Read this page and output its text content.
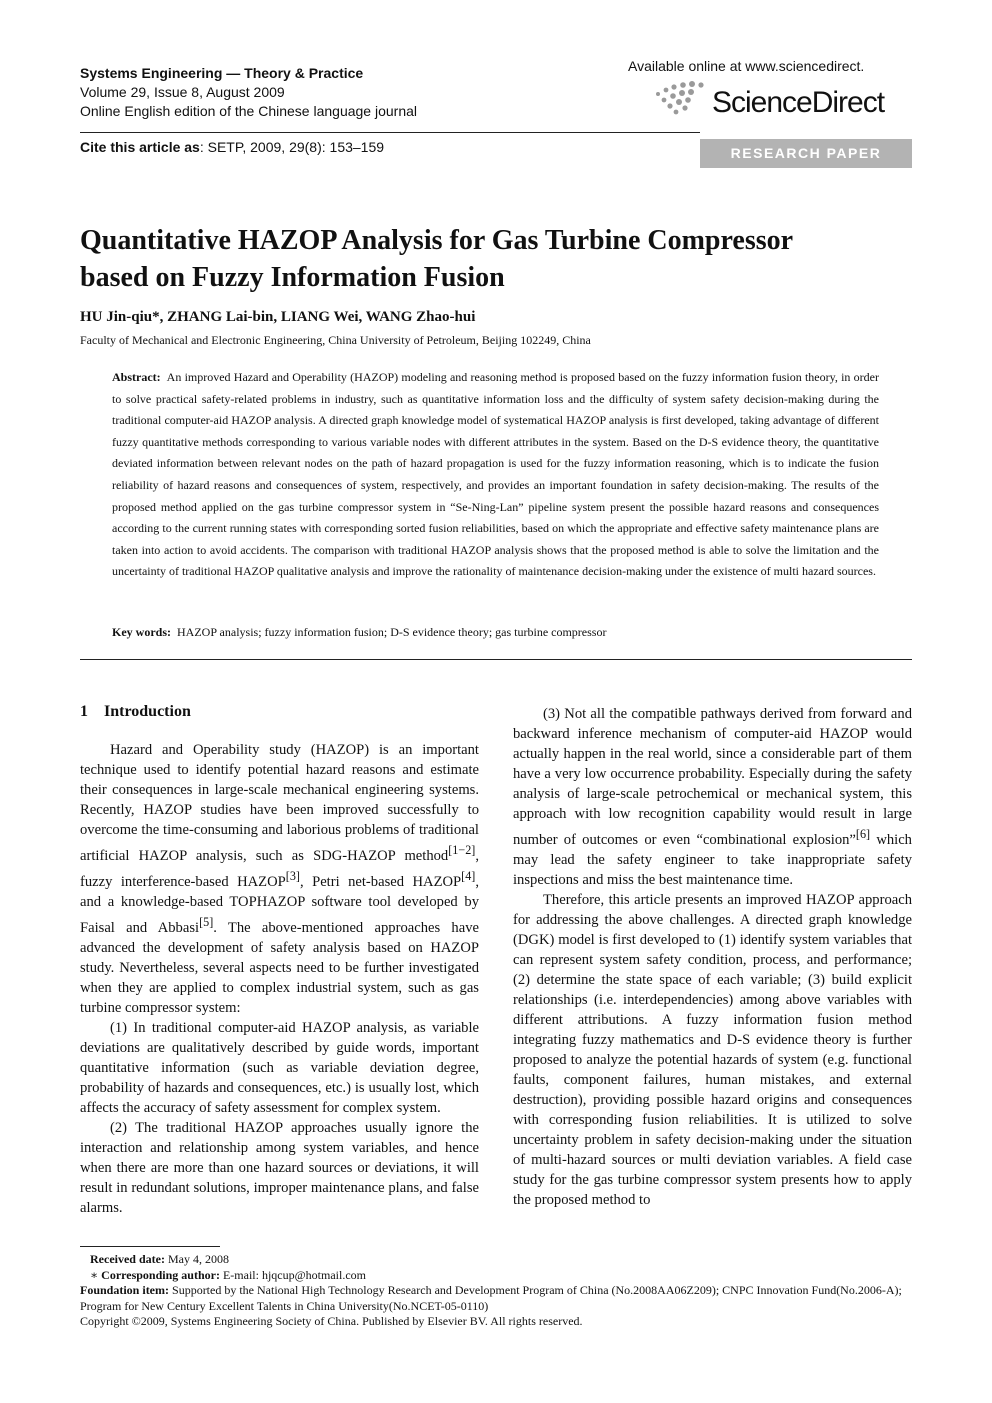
Systems Engineering — Theory & Practice
Volume 29, Issue 8, August 2009
Online English edition of the Chinese language journal
Cite this article as: SETP, 2009, 29(8): 153–159
Available online at www.sciencedirect.
ScienceDirect
RESEARCH PAPER
Quantitative HAZOP Analysis for Gas Turbine Compressor
based on Fuzzy Information Fusion
HU Jin-qiu*, ZHANG Lai-bin, LIANG Wei, WANG Zhao-hui
Faculty of Mechanical and Electronic Engineering, China University of Petroleum, Beijing 102249, China
Abstract: An improved Hazard and Operability (HAZOP) modeling and reasoning method is proposed based on the fuzzy information fusion theory, in order to solve practical safety-related problems in industry, such as quantitative information loss and the difficulty of system safety decision-making during the traditional computer-aid HAZOP analysis. A directed graph knowledge model of systematical HAZOP analysis is first developed, taking advantage of different fuzzy quantitative methods corresponding to various variable nodes with different attributes in the system. Based on the D-S evidence theory, the quantitative deviated information between relevant nodes on the path of hazard propagation is used for the fuzzy information reasoning, which is to indicate the fusion reliability of hazard reasons and consequences of system, respectively, and provides an important foundation in safety decision-making. The results of the proposed method applied on the gas turbine compressor system in “Se-Ning-Lan” pipeline system present the possible hazard reasons and consequences according to the current running states with corresponding sorted fusion reliabilities, based on which the appropriate and effective safety maintenance plans are taken into action to avoid accidents. The comparison with traditional HAZOP analysis shows that the proposed method is able to solve the limitation and the uncertainty of traditional HAZOP qualitative analysis and improve the rationality of maintenance decision-making under the existence of multi hazard sources.
Key words: HAZOP analysis; fuzzy information fusion; D-S evidence theory; gas turbine compressor
1 Introduction

Hazard and Operability study (HAZOP) is an important technique used to identify potential hazard reasons and estimate their consequences in large-scale mechanical engineering systems. Recently, HAZOP studies have been improved successfully to overcome the time-consuming and laborious problems of traditional artificial HAZOP analysis, such as SDG-HAZOP method[1−2], fuzzy interference-based HAZOP[3], Petri net-based HAZOP[4], and a knowledge-based TOPHAZOP software tool developed by Faisal and Abbasi[5]. The above-mentioned approaches have advanced the development of safety analysis based on HAZOP study. Nevertheless, several aspects need to be further investigated when they are applied to complex industrial system, such as gas turbine compressor system:

(1) In traditional computer-aid HAZOP analysis, as variable deviations are qualitatively described by guide words, important quantitative information (such as variable deviation degree, probability of hazards and consequences, etc.) is usually lost, which affects the accuracy of safety assessment for complex system.

(2) The traditional HAZOP approaches usually ignore the interaction and relationship among system variables, and hence when there are more than one hazard sources or deviations, it will result in redundant solutions, improper maintenance plans, and false alarms.

(3) Not all the compatible pathways derived from forward and backward inference mechanism of computer-aid HAZOP would actually happen in the real world, since a considerable part of them have a very low occurrence probability. Especially during the safety analysis of large-scale petrochemical or mechanical system, this approach with low recognition capability would result in large number of outcomes or even “combinational explosion”[6] which may lead the safety engineer to take inappropriate safety inspections and miss the best maintenance time.

Therefore, this article presents an improved HAZOP approach for addressing the above challenges. A directed graph knowledge (DGK) model is first developed to (1) identify system variables that can represent system safety condition, process, and performance; (2) determine the state space of each variable; (3) build explicit relationships (i.e. interdependencies) among above variables with different attributions. A fuzzy information fusion method integrating fuzzy mathematics and D-S evidence theory is further proposed to analyze the potential hazards of system (e.g. functional faults, component failures, human mistakes, and external destruction), providing possible hazard origins and consequences with corresponding fusion reliabilities. It is utilized to solve uncertainty problem in safety decision-making under the situation of multi-hazard sources or multi deviation variables. A field case study for the gas turbine compressor system presents how to apply the proposed method to

Received date: May 4, 2008

∗ Corresponding author: E-mail: hjqcup@hotmail.com

Foundation item: Supported by the National High Technology Research and Development Program of China (No.2008AA06Z209); CNPC Innovation Fund(No.2006-A); Program for New Century Excellent Talents in China University(No.NCET-05-0110)

Copyright ©2009, Systems Engineering Society of China. Published by Elsevier BV. All rights reserved.
